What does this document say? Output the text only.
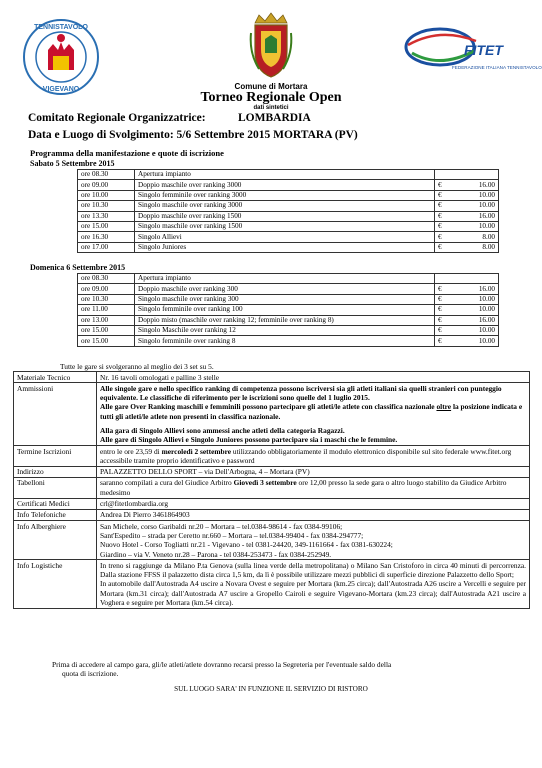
TENNISTAVOLO
VIGEVANO
FITET
FEDERAZIONE ITALIANA TENNISTAVOLO
Comune di Mortara
Torneo Regionale Open
dati sintetici
Comitato Regionale Organizzatrice:	LOMBARDIA
Data e Luogo di Svolgimento: 5/6 Settembre 2015 MORTARA (PV)
Programma della manifestazione e quote di iscrizione
Sabato 5 Settembre 2015
ore 08.30	Apertura impianto	

ore 09.00	Doppio maschile over ranking 3000	€ 16.00

ore 10.00	Singolo femminile over ranking 3000	€ 10.00

ore 10.30	Singolo maschile over ranking 3000	€ 10.00

ore 13.30	Doppio maschile over ranking 1500	€ 16.00

ore 15.00	Singolo maschile over ranking 1500	€ 10.00

ore 16.30	Singolo Allievi	€ 8.00

ore 17.00	Singolo Juniores	€ 8.00
Domenica 6 Settembre 2015
ore 08.30	Apertura impianto	

ore 09.00	Doppio maschile over ranking 300	€ 16.00

ore 10.30	Singolo maschile over ranking 300	€ 10.00

ore 11.00	Singolo femminile over ranking 100	€ 10.00

ore 13.00	Doppio misto (maschile over ranking 12; femminile over ranking 8)	€ 16.00

ore 15.00	Singolo Maschile over ranking 12	€ 10.00

ore 15.00	Singolo femminile over ranking 8	€ 10.00
Tutte le gare si svolgeranno al meglio dei 3 set su 5.
Materiale Tecnico	Nr. 16 tavoli omologati e palline 3 stelle
Ammissioni	Alle singole gare e nello specifico ranking di competenza possono iscriversi sia gli atleti italiani sia quelli stranieri con punteggio equivalente. Le classifiche di riferimento per le iscrizioni sono quelle del 1 luglio 2015.
Alle gare Over Ranking maschili e femminili possono partecipare gli atleti/le atlete con classifica nazionale oltre la posizione indicata e tutti gli atleti/le atlete non presenti in classifica nazionale.
Alla gara di Singolo Allievi sono ammessi anche atleti della categoria Ragazzi.
Alle gare di Singolo Allievi e Singolo Juniores possono partecipare sia i maschi che le femmine.

Termine Iscrizioni	entro le ore 23,59 di mercoledì 2 settembre utilizzando obbligatoriamente il modulo elettronico disponibile sul sito federale www.fitet.org accessibile tramite proprio identificativo e password
Indirizzo	PALAZZETTO DELLO SPORT – via Dell'Arbogna, 4 – Mortara (PV)
Tabelloni	saranno compilati a cura del Giudice Arbitro Giovedì 3 settembre ore 12,00 presso la sede gara o altro luogo stabilito da Giudice Arbitro medesimo
Certificati Medici	crl@fitetlombardia.org
Info Telefoniche	Andrea Di Pierro 3461864903
Info Alberghiere	San Michele, corso Garibaldi nr.20 – Mortara – tel.0384-98614 - fax 0384-99106;
Sant'Espedito – strada per Ceretto nr.660 – Mortara – tel.0384-99404 - fax 0384-294777;
Nuovo Hotel - Corso Togliatti nr.21 - Vigevano - tel 0381-24420, 349-1161664 - fax 0381-630224;
Giardino – via V. Veneto nr.28 – Parona - tel 0384-253473 - fax 0384-252949.

Info Logistiche	In treno si raggiunge da Milano P.ta Genova (sulla linea verde della metropolitana) o Milano San Cristoforo in circa 40 minuti di percorrenza. Dalla stazione FFSS il palazzetto dista circa 1,5 km, da lì è possibile utilizzare mezzi pubblici di superficie direzione Palazzetto dello Sport;
In automobile dall'Autostrada A4 uscire a Novara Ovest e seguire per Mortara (km.25 circa); dall'Autostrada A26 uscire a Vercelli e seguire per Mortara (km.31 circa); dall'Autostrada A7 uscire a Gropello Cairoli e seguire Vigevano-Mortara (km.23 circa); dall'Autostrada A21 uscire a Voghera e seguire per Mortara (km.54 circa).
Prima di accedere al campo gara, gli/le atleti/atlete dovranno recarsi presso la Segreteria per l'eventuale saldo della
quota di iscrizione.
SUL LUOGO SARA' IN FUNZIONE IL SERVIZIO DI RISTORO
